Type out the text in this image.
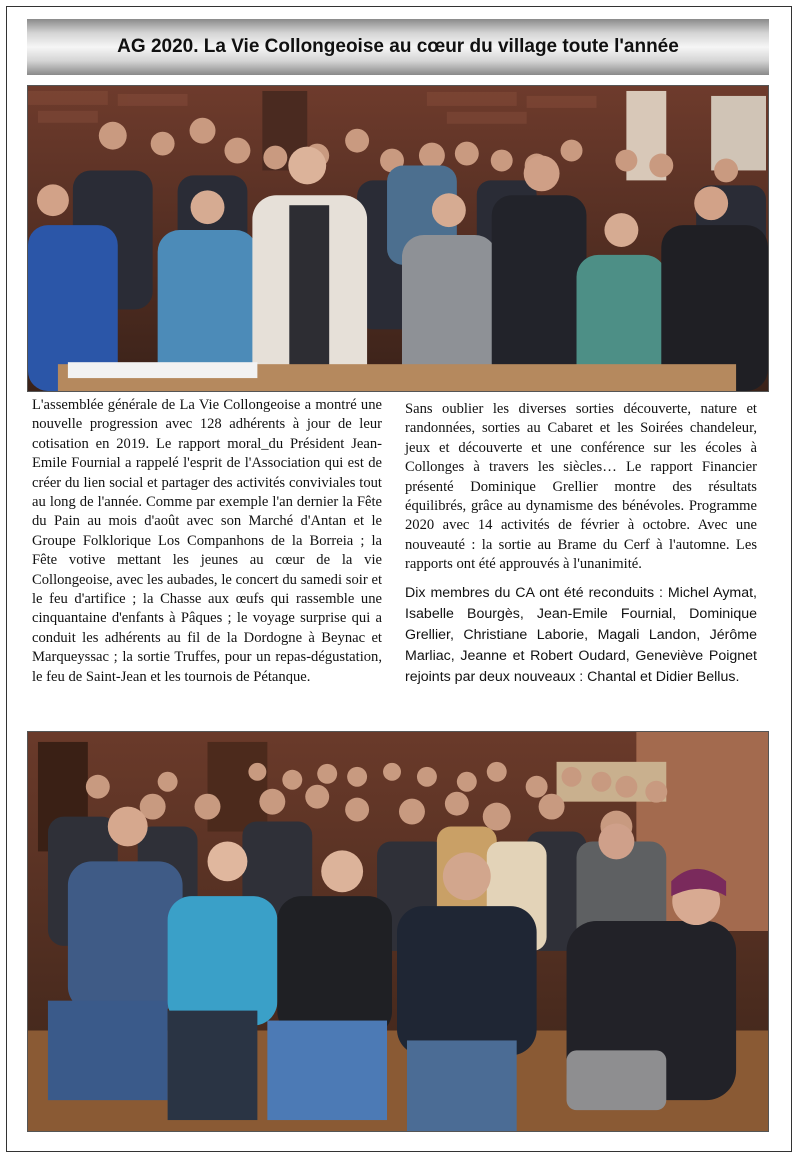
AG 2020. La Vie Collongeoise au cœur du village toute l'année

L'assemblée générale de La Vie Collongeoise a montré une nouvelle progression avec 128 adhérents à jour de leur cotisation en 2019. Le rapport moral_du Président Jean-Emile Fournial a rappelé l'esprit de l'Association qui est de créer du lien social et partager des activités conviviales tout au long de l'année. Comme par exemple l'an dernier la Fête du Pain au mois d'août avec son Marché d'Antan et le Groupe Folklorique Los Companhons de la Borreia ; la Fête votive mettant les jeunes au cœur de la vie Collongeoise, avec les aubades, le concert du samedi soir et le feu d'artifice ; la Chasse aux œufs qui rassemble une cinquantaine d'enfants à Pâques ; le voyage surprise qui a conduit les adhérents au fil de la Dordogne à Beynac et Marqueyssac ; la sortie Truffes, pour un repas-dégustation, le feu de Saint-Jean et les tournois de Pétanque.

Sans oublier les diverses sorties découverte, nature et randonnées, sorties au Cabaret et les Soirées chandeleur, jeux et découverte et une conférence sur les écoles à Collonges à travers les siècles… Le rapport Financier présenté Dominique Grellier montre des résultats équilibrés, grâce au dynamisme des bénévoles. Programme 2020 avec 14 activités de février à octobre. Avec une nouveauté : la sortie au Brame du Cerf à l'automne. Les rapports ont été approuvés à l'unanimité.

Dix membres du CA ont été reconduits : Michel Aymat, Isabelle Bourgès, Jean-Emile Fournial, Dominique Grellier, Christiane Laborie, Magali Landon, Jérôme Marliac, Jeanne et Robert Oudard, Geneviève Poignet rejoints par deux nouveaux : Chantal et Didier Bellus.
